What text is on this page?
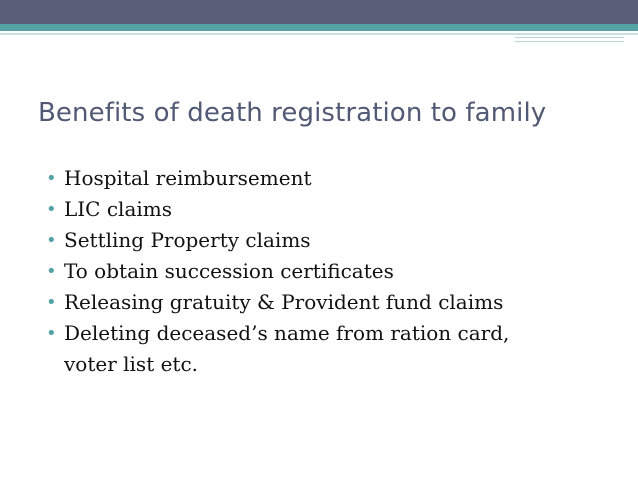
Benefits of death registration to family
• Hospital reimbursement
• LIC claims
• Settling Property claims
• To obtain succession certificates
• Releasing gratuity & Provident fund claims
• Deleting deceased’s name from ration card,
voter list etc.
